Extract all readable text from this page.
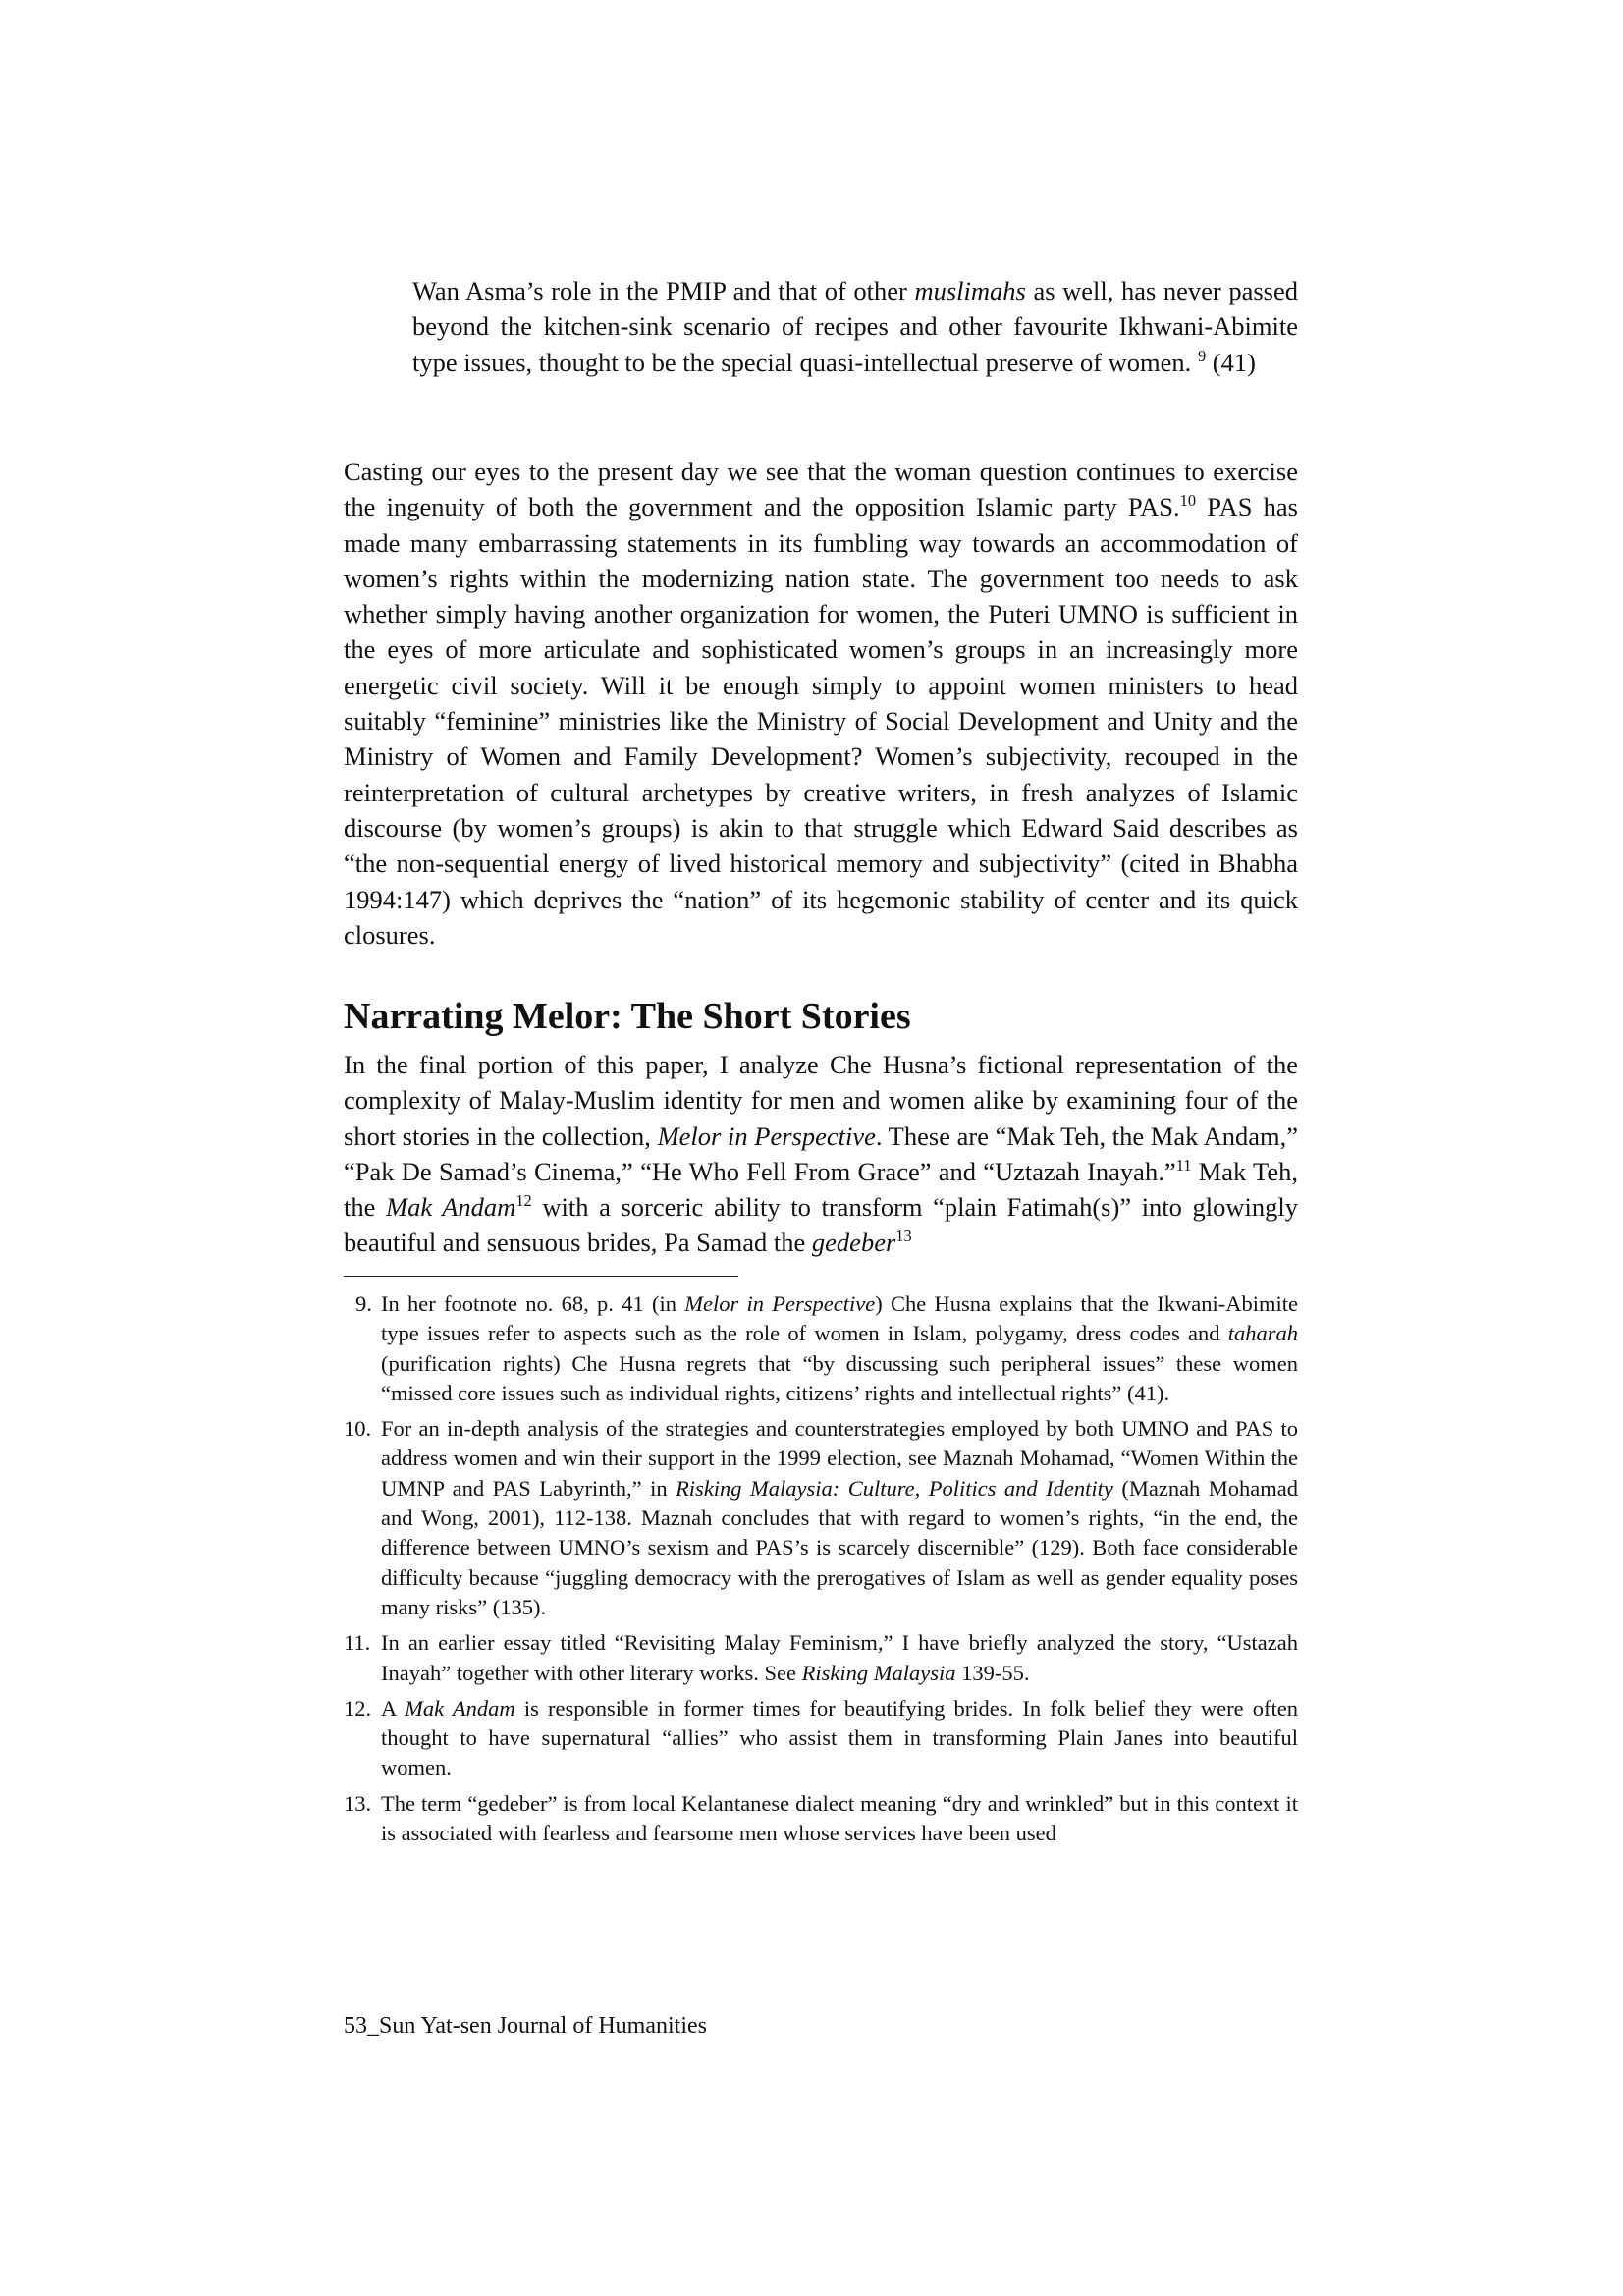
Wan Asma’s role in the PMIP and that of other muslimahs as well, has never passed beyond the kitchen-sink scenario of recipes and other favourite Ikhwani-Abimite type issues, thought to be the special quasi-intellectual preserve of women. $^9$ (41)
Casting our eyes to the present day we see that the woman question continues to exercise the ingenuity of both the government and the opposition Islamic party PAS.$^{10}$ PAS has made many embarrassing statements in its fumbling way towards an accommodation of women’s rights within the modernizing nation state. The government too needs to ask whether simply having another organization for women, the Puteri UMNO is sufficient in the eyes of more articulate and sophisticated women’s groups in an increasingly more energetic civil society. Will it be enough simply to appoint women ministers to head suitably “feminine” ministries like the Ministry of Social Development and Unity and the Ministry of Women and Family Development? Women’s subjectivity, recouped in the reinterpretation of cultural archetypes by creative writers, in fresh analyzes of Islamic discourse (by women’s groups) is akin to that struggle which Edward Said describes as “the non-sequential energy of lived historical memory and subjectivity” (cited in Bhabha 1994:147) which deprives the “nation” of its hegemonic stability of center and its quick closures.
Narrating Melor: The Short Stories
In the final portion of this paper, I analyze Che Husna’s fictional representation of the complexity of Malay-Muslim identity for men and women alike by examining four of the short stories in the collection, Melor in Perspective. These are “Mak Teh, the Mak Andam,” “Pak De Samad’s Cinema,” “He Who Fell From Grace” and “Uztazah Inayah.”$^{11}$ Mak Teh, the Mak Andam$^{12}$ with a sorceric ability to transform “plain Fatimah(s)” into glowingly beautiful and sensuous brides, Pa Samad the gedeber$^{13}$
9. In her footnote no. 68, p. 41 (in Melor in Perspective) Che Husna explains that the Ikwani-Abimite type issues refer to aspects such as the role of women in Islam, polygamy, dress codes and taharah (purification rights) Che Husna regrets that “by discussing such peripheral issues” these women “missed core issues such as individual rights, citizens’ rights and intellectual rights” (41).
10. For an in-depth analysis of the strategies and counterstrategies employed by both UMNO and PAS to address women and win their support in the 1999 election, see Maznah Mohamad, “Women Within the UMNP and PAS Labyrinth,” in Risking Malaysia: Culture, Politics and Identity (Maznah Mohamad and Wong, 2001), 112-138. Maznah concludes that with regard to women’s rights, “in the end, the difference between UMNO’s sexism and PAS’s is scarcely discernible” (129). Both face considerable difficulty because “juggling democracy with the prerogatives of Islam as well as gender equality poses many risks” (135).
11. In an earlier essay titled “Revisiting Malay Feminism,” I have briefly analyzed the story, “Ustazah Inayah” together with other literary works. See Risking Malaysia 139-55.
12. A Mak Andam is responsible in former times for beautifying brides. In folk belief they were often thought to have supernatural “allies” who assist them in transforming Plain Janes into beautiful women.
13. The term “gedeber” is from local Kelantanese dialect meaning “dry and wrinkled” but in this context it is associated with fearless and fearsome men whose services have been used
53_Sun Yat-sen Journal of Humanities
